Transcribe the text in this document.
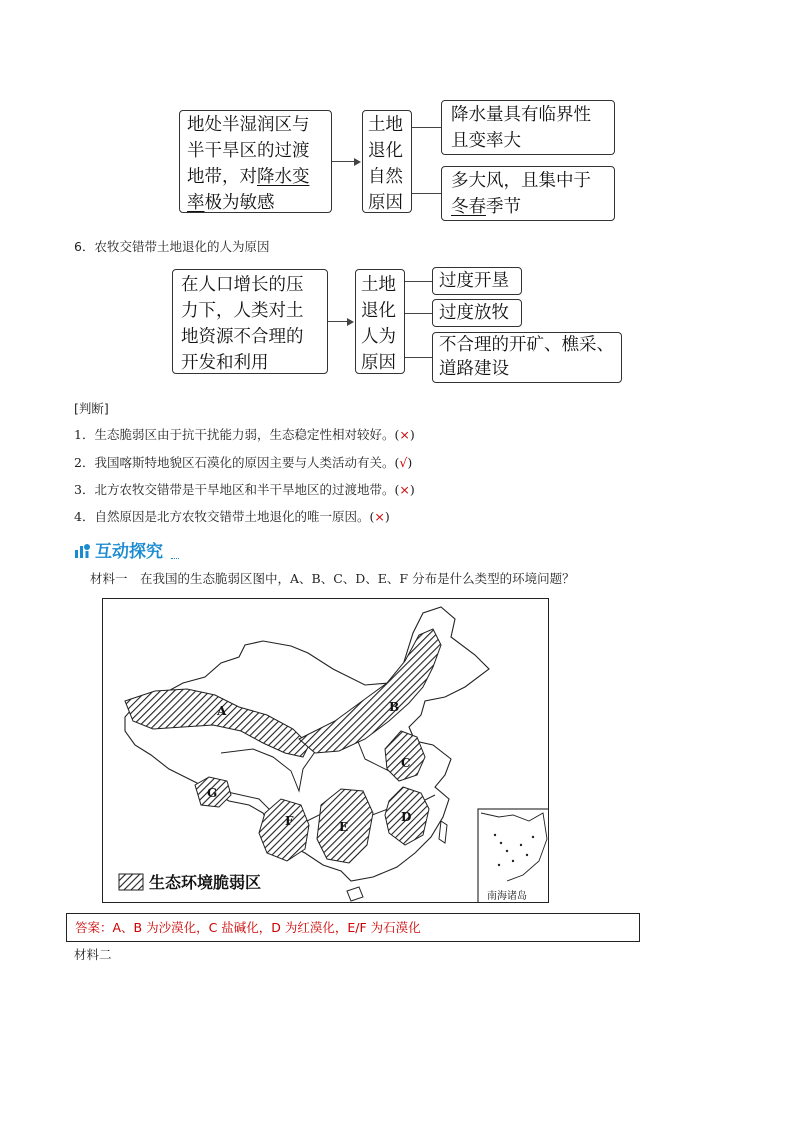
地处半湿润区与
半干旱区的过渡
地带，对降水变
率极为敏感
土地
退化
自然
原因
降水量具有临界性
且变率大
多大风，且集中于
冬春季节
6．农牧交错带土地退化的人为原因
在人口增长的压
力下，人类对土
地资源不合理的
开发和利用
土地
退化
人为
原因
过度开垦
过度放牧
不合理的开矿、樵采、
道路建设
[判断]
1．生态脆弱区由于抗干扰能力弱，生态稳定性相对较好。(×)
2．我国喀斯特地貌区石漠化的原因主要与人类活动有关。(√)
3．北方农牧交错带是干旱地区和半干旱地区的过渡地带。(×)
4．自然原因是北方农牧交错带土地退化的唯一原因。(×)
互动探究
材料一　在我国的生态脆弱区图中，A、B、C、D、E、F 分布是什么类型的环境问题？
A	B
C
D
E
F
G
生态环境脆弱区
南海诸岛
答案：A、B 为沙漠化，C 盐碱化，D 为红漠化，E/F 为石漠化
材料二
